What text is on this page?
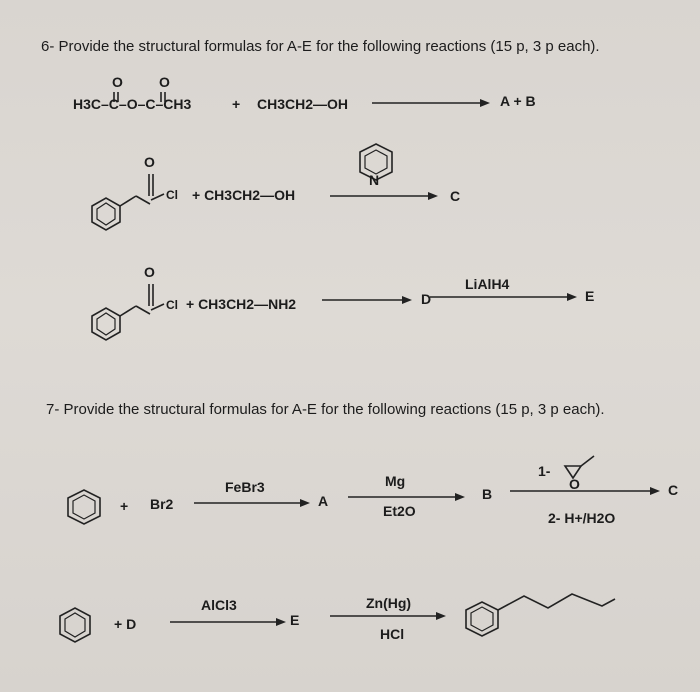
6- Provide the structural formulas for A-E for the following reactions (15 p, 3 p each).
O	O
H3C–C–O–C–CH3	+ CH3CH2—OH	A + B
O
Cl + CH3CH2—OH
N
C
O
Cl + CH3CH2—NH2	D
LiAlH4
E
7- Provide the structural formulas for A-E for the following reactions (15 p, 3 p each).
+ Br2
FeBr3
A
Mg
Et2O
B
1-
O
2- H+/H2O
C
+ D
AlCl3
E
Zn(Hg)
HCl
